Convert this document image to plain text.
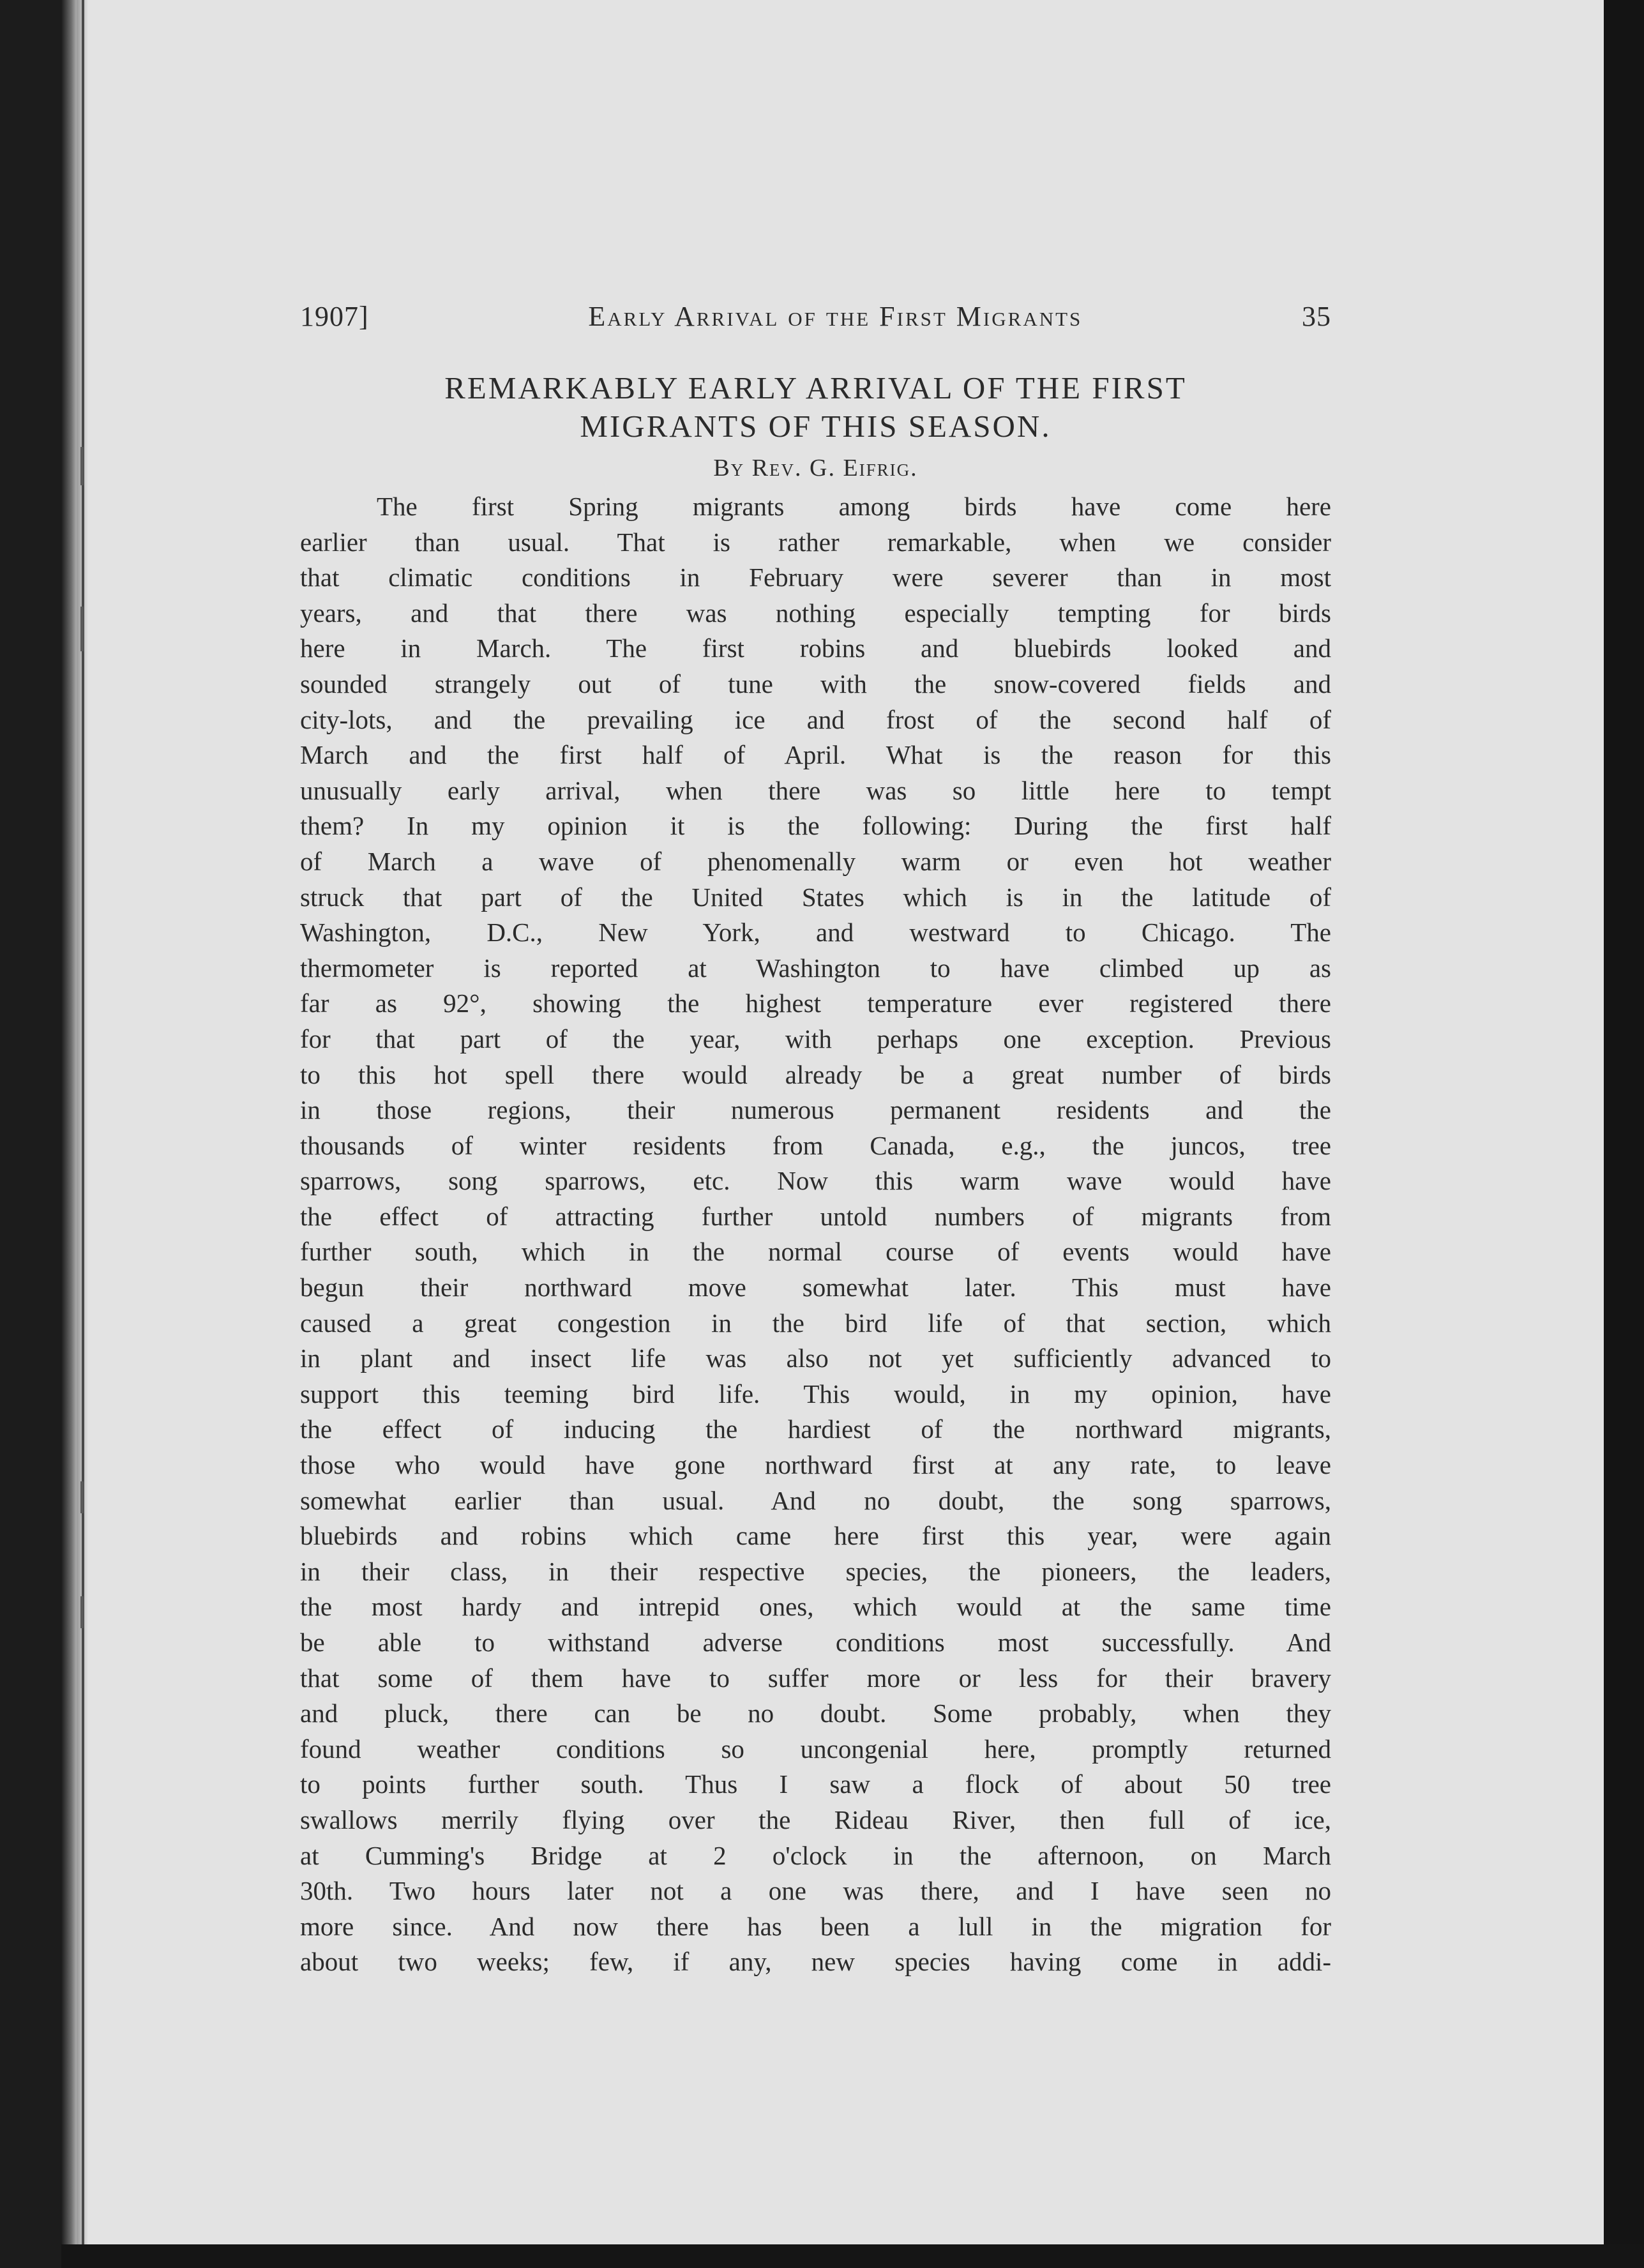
1907]	Early Arrival of the First Migrants	35
REMARKABLY EARLY ARRIVAL OF THE FIRST
MIGRANTS OF THIS SEASON.
By Rev. G. Eifrig.
The first Spring migrants among birds have come here
earlier than usual. That is rather remarkable, when we consider
that climatic conditions in February were severer than in most
years, and that there was nothing especially tempting for birds
here in March. The first robins and bluebirds looked and
sounded strangely out of tune with the snow-covered fields and
city-lots, and the prevailing ice and frost of the second half of
March and the first half of April. What is the reason for this
unusually early arrival, when there was so little here to tempt
them? In my opinion it is the following: During the first half
of March a wave of phenomenally warm or even hot weather
struck that part of the United States which is in the latitude of
Washington, D.C., New York, and westward to Chicago. The
thermometer is reported at Washington to have climbed up as
far as 92°, showing the highest temperature ever registered there
for that part of the year, with perhaps one exception. Previous
to this hot spell there would already be a great number of birds
in those regions, their numerous permanent residents and the
thousands of winter residents from Canada, e.g., the juncos, tree
sparrows, song sparrows, etc. Now this warm wave would have
the effect of attracting further untold numbers of migrants from
further south, which in the normal course of events would have
begun their northward move somewhat later. This must have
caused a great congestion in the bird life of that section, which
in plant and insect life was also not yet sufficiently advanced to
support this teeming bird life. This would, in my opinion, have
the effect of inducing the hardiest of the northward migrants,
those who would have gone northward first at any rate, to leave
somewhat earlier than usual. And no doubt, the song sparrows,
bluebirds and robins which came here first this year, were again
in their class, in their respective species, the pioneers, the leaders,
the most hardy and intrepid ones, which would at the same time
be able to withstand adverse conditions most successfully. And
that some of them have to suffer more or less for their bravery
and pluck, there can be no doubt. Some probably, when they
found weather conditions so uncongenial here, promptly returned
to points further south. Thus I saw a flock of about 50 tree
swallows merrily flying over the Rideau River, then full of ice,
at Cumming's Bridge at 2 o'clock in the afternoon, on March
30th. Two hours later not a one was there, and I have seen no
more since. And now there has been a lull in the migration for
about two weeks; few, if any, new species having come in addi-
